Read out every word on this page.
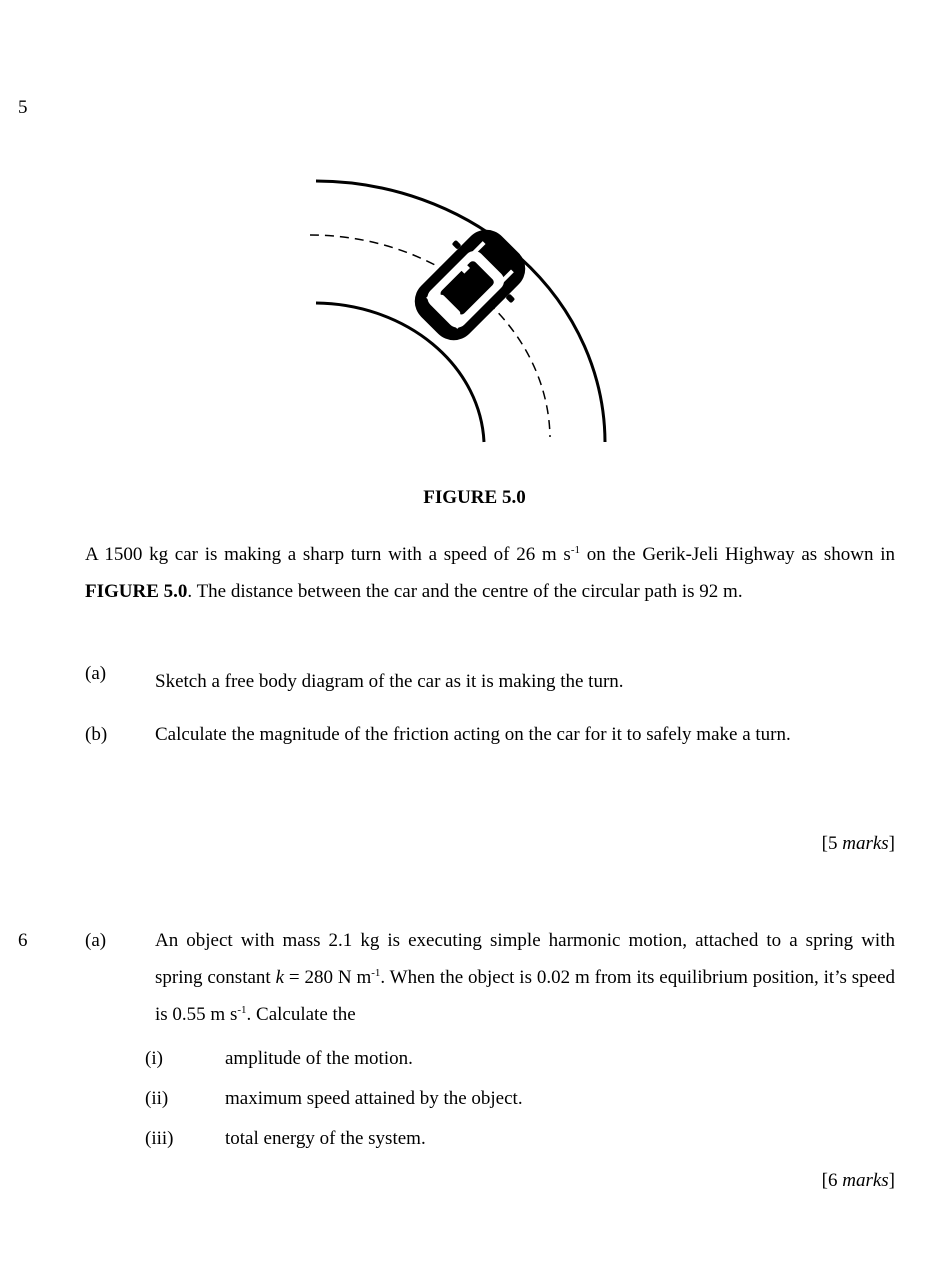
5
FIGURE 5.0
A 1500 kg car is making a sharp turn with a speed of 26 m $s^{-1}$ on the Gerik-Jeli Highway as shown in FIGURE 5.0. The distance between the car and the centre of the circular path is 92 m.
(a)	Sketch a free body diagram of the car as it is making the turn.
(b)	Calculate the magnitude of the friction acting on the car for it to safely make a turn.
[5 marks]
6	(a)	An object with mass 2.1 kg is executing simple harmonic motion, attached to a spring with spring constant k = 280 N $m^{-1}$. When the object is 0.02 m from its equilibrium position, it’s speed is 0.55 m $s^{-1}$. Calculate the
(i)	amplitude of the motion.
(ii)	maximum speed attained by the object.
(iii)	total energy of the system.
[6 marks]
